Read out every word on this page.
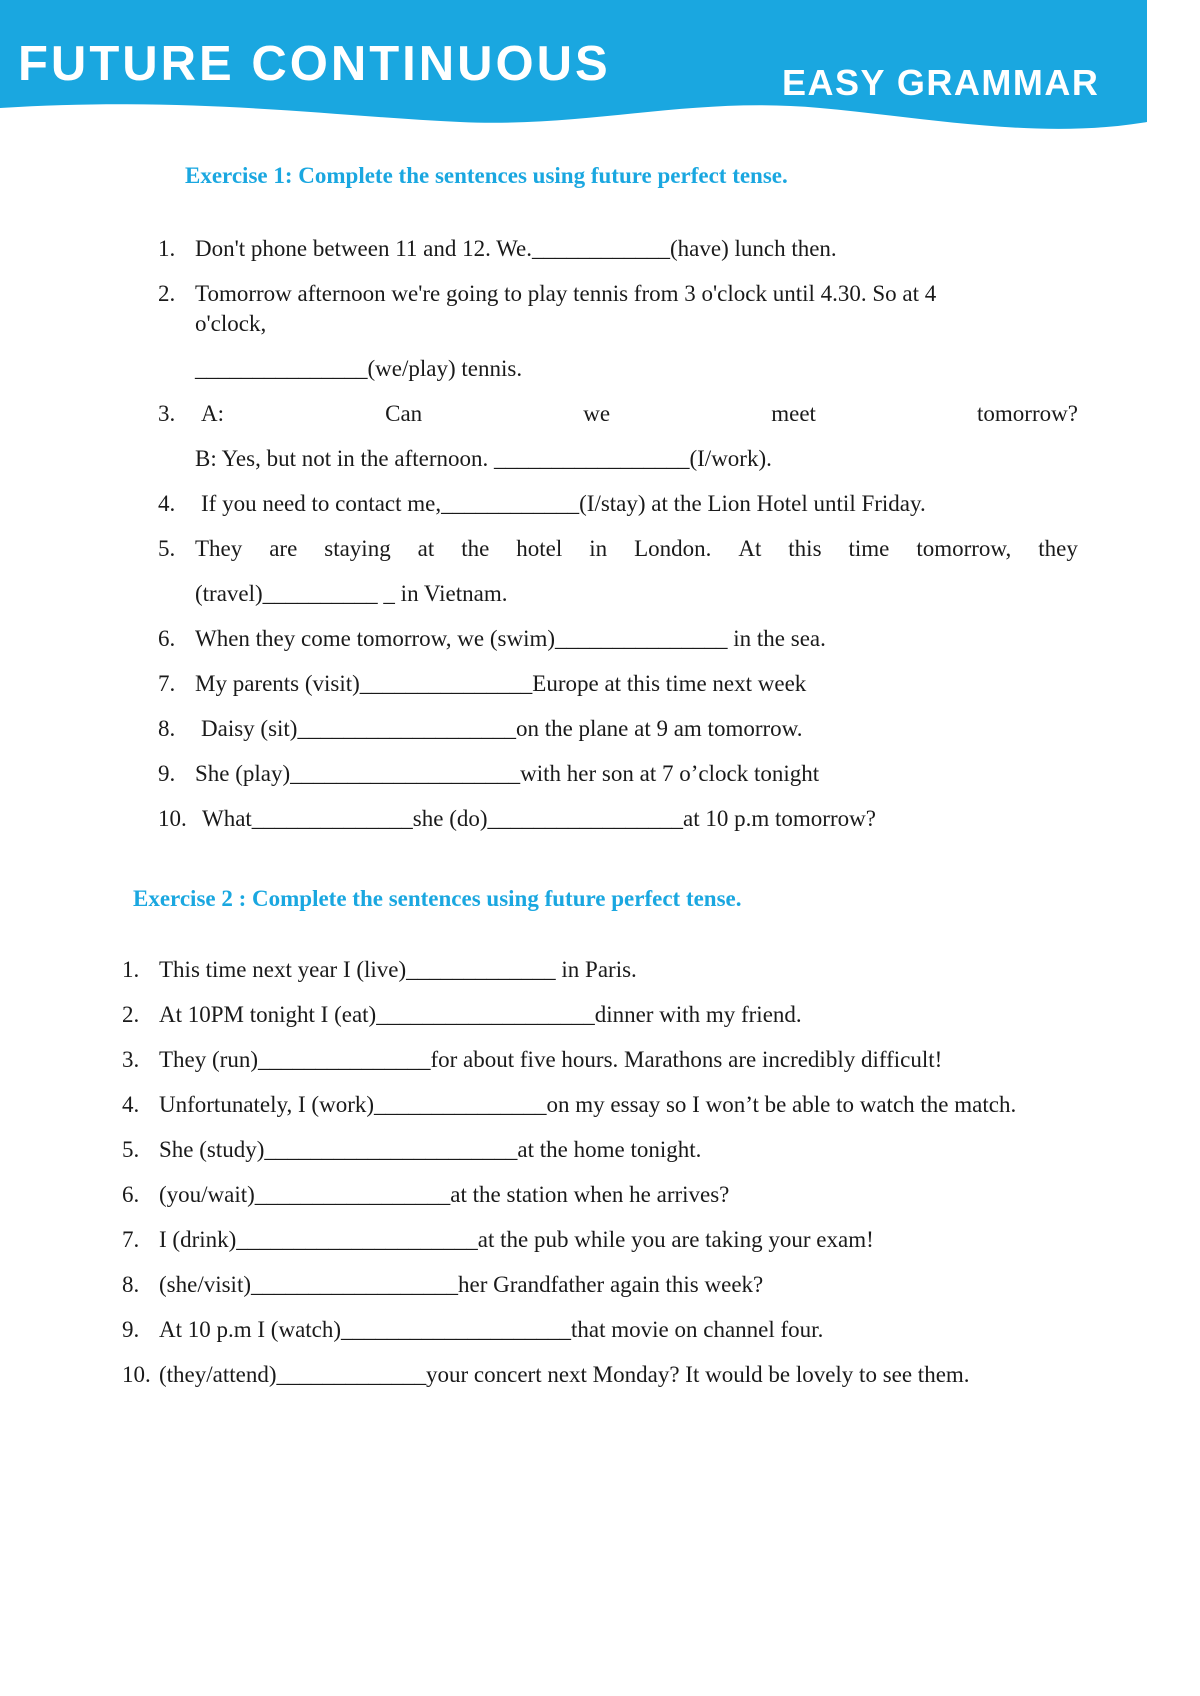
FUTURE CONTINUOUS	EASY GRAMMAR
Exercise 1: Complete the sentences using future perfect tense.
1. Don't phone between 11 and 12. We.____________(have) lunch then.
2. Tomorrow afternoon we're going to play tennis from 3 o'clock until 4.30. So at 4
o'clock,
_______________(we/play) tennis.
3. A:	Can	we	meet	tomorrow?
B: Yes, but not in the afternoon. _________________(I/work).
4. If you need to contact me,____________(I/stay) at the Lion Hotel until Friday.
5. They are staying at the hotel in London. At this time tomorrow, they
(travel)__________ _ in Vietnam.
6. When they come tomorrow, we (swim)_______________ in the sea.
7. My parents (visit)_______________Europe at this time next week
8. Daisy (sit)___________________on the plane at 9 am tomorrow.
9. She (play)____________________with her son at 7 o’clock tonight
10. What______________she (do)_________________at 10 p.m tomorrow?
Exercise 2 : Complete the sentences using future perfect tense.
1. This time next year I (live)_____________ in Paris.
2. At 10PM tonight I (eat)___________________dinner with my friend.
3. They (run)_______________for about five hours. Marathons are incredibly difficult!
4. Unfortunately, I (work)_______________on my essay so I won’t be able to watch the match.
5. She (study)______________________at the home tonight.
6. (you/wait)_________________at the station when he arrives?
7. I (drink)_____________________at the pub while you are taking your exam!
8. (she/visit)__________________her Grandfather again this week?
9. At 10 p.m I (watch)____________________that movie on channel four.
10. (they/attend)_____________your concert next Monday? It would be lovely to see them.
